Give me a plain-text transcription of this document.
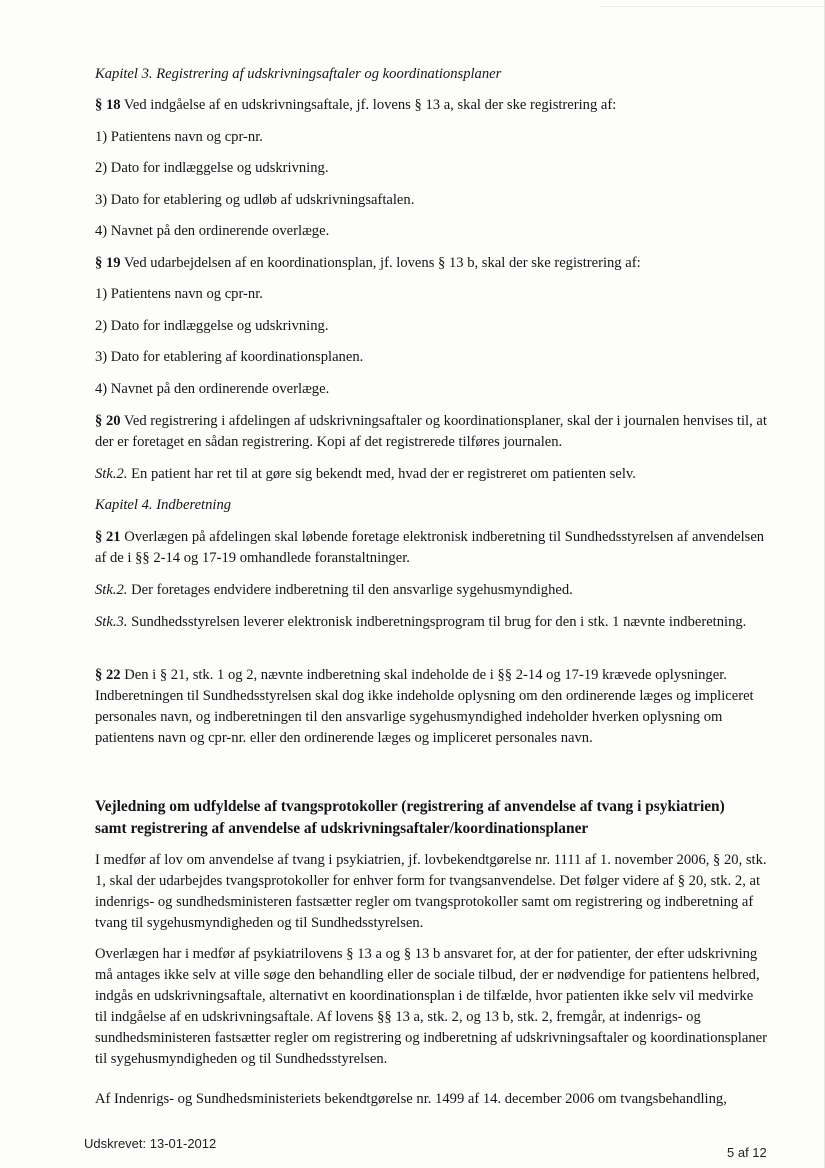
Kapitel 3. Registrering af udskrivningsaftaler og koordinationsplaner

§ 18 Ved indgåelse af en udskrivningsaftale, jf. lovens § 13 a, skal der ske registrering af:

1) Patientens navn og cpr-nr.

2) Dato for indlæggelse og udskrivning.

3) Dato for etablering og udløb af udskrivningsaftalen.

4) Navnet på den ordinerende overlæge.

§ 19 Ved udarbejdelsen af en koordinationsplan, jf. lovens § 13 b, skal der ske registrering af:

1) Patientens navn og cpr-nr.

2) Dato for indlæggelse og udskrivning.

3) Dato for etablering af koordinationsplanen.

4) Navnet på den ordinerende overlæge.

§ 20 Ved registrering i afdelingen af udskrivningsaftaler og koordinationsplaner, skal der i journalen henvises til, at der er foretaget en sådan registrering. Kopi af det registrerede tilføres journalen.

Stk.2. En patient har ret til at gøre sig bekendt med, hvad der er registreret om patienten selv.

Kapitel 4. Indberetning

§ 21 Overlægen på afdelingen skal løbende foretage elektronisk indberetning til Sundhedsstyrelsen af anvendelsen af de i §§ 2-14 og 17-19 omhandlede foranstaltninger.

Stk.2. Der foretages endvidere indberetning til den ansvarlige sygehusmyndighed.

Stk.3. Sundhedsstyrelsen leverer elektronisk indberetningsprogram til brug for den i stk. 1 nævnte indberetning.

§ 22 Den i § 21, stk. 1 og 2, nævnte indberetning skal indeholde de i §§ 2-14 og 17-19 krævede oplysninger. Indberetningen til Sundhedsstyrelsen skal dog ikke indeholde oplysning om den ordinerende læges og impliceret personales navn, og indberetningen til den ansvarlige sygehusmyndighed indeholder hverken oplysning om patientens navn og cpr-nr. eller den ordinerende læges og impliceret personales navn.

Vejledning om udfyldelse af tvangsprotokoller (registrering af anvendelse af tvang i psykiatrien) samt registrering af anvendelse af udskrivningsaftaler/koordinationsplaner

I medfør af lov om anvendelse af tvang i psykiatrien, jf. lovbekendtgørelse nr. 1111 af 1. november 2006, § 20, stk. 1, skal der udarbejdes tvangsprotokoller for enhver form for tvangsanvendelse. Det følger videre af § 20, stk. 2, at indenrigs- og sundhedsministeren fastsætter regler om tvangsprotokoller samt om registrering og indberetning af tvang til sygehusmyndigheden og til Sundhedsstyrelsen.

Overlægen har i medfør af psykiatrilovens § 13 a og § 13 b ansvaret for, at der for patienter, der efter udskrivning må antages ikke selv at ville søge den behandling eller de sociale tilbud, der er nødvendige for patientens helbred, indgås en udskrivningsaftale, alternativt en koordinationsplan i de tilfælde, hvor patienten ikke selv vil medvirke til indgåelse af en udskrivningsaftale. Af lovens §§ 13 a, stk. 2, og 13 b, stk. 2, fremgår, at indenrigs- og sundhedsministeren fastsætter regler om registrering og indberetning af udskrivningsaftaler og koordinationsplaner til sygehusmyndigheden og til Sundhedsstyrelsen.

Af Indenrigs- og Sundhedsministeriets bekendtgørelse nr. 1499 af 14. december 2006 om tvangsbehandling,

Udskrevet: 13-01-2012
5 af 12
